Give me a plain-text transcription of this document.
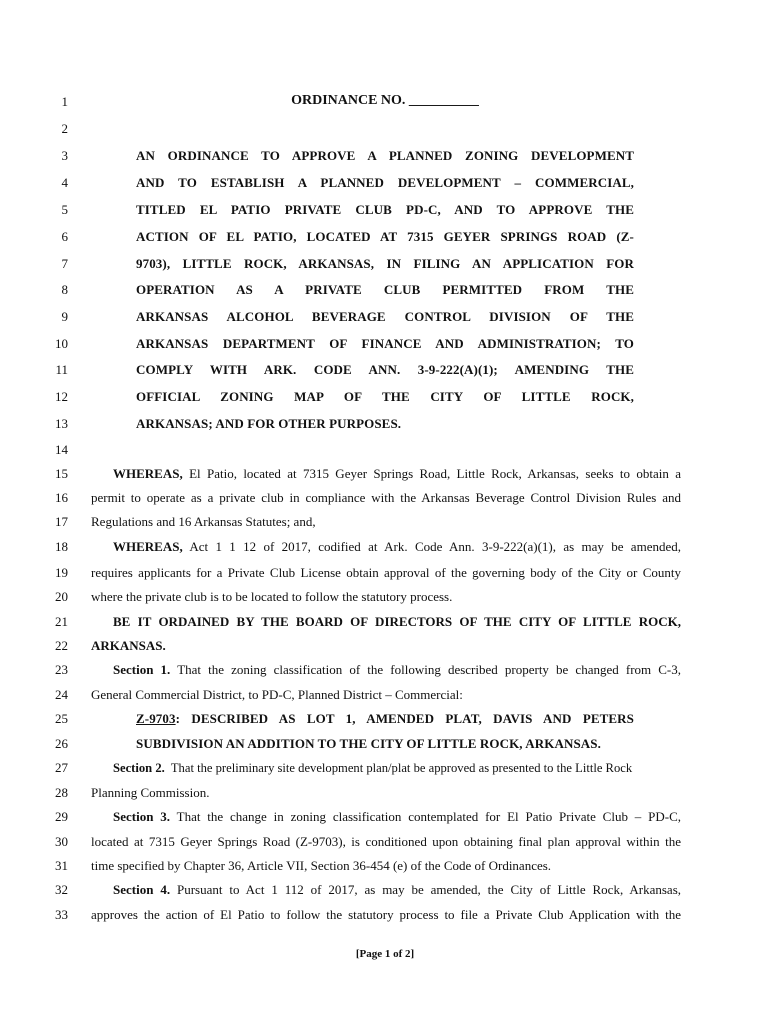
1
2
3
4
5
6
7
8
9
10
11
12
13
14
15
16
17
18
19
20
21
22
23
24
25
26
27
28
29
30
31
32
33
ORDINANCE NO. __________
AN ORDINANCE TO APPROVE A PLANNED ZONING DEVELOPMENT
AND TO ESTABLISH A PLANNED DEVELOPMENT – COMMERCIAL,
TITLED EL PATIO PRIVATE CLUB PD-C, AND TO APPROVE THE
ACTION OF EL PATIO, LOCATED AT 7315 GEYER SPRINGS ROAD (Z-
9703), LITTLE ROCK, ARKANSAS, IN FILING AN APPLICATION FOR
OPERATION AS A PRIVATE CLUB PERMITTED FROM THE
ARKANSAS ALCOHOL BEVERAGE CONTROL DIVISION OF THE
ARKANSAS DEPARTMENT OF FINANCE AND ADMINISTRATION; TO
COMPLY WITH ARK. CODE ANN. 3-9-222(A)(1); AMENDING THE
OFFICIAL ZONING MAP OF THE CITY OF LITTLE ROCK,
ARKANSAS; AND FOR OTHER PURPOSES.
WHEREAS, El Patio, located at 7315 Geyer Springs Road, Little Rock, Arkansas, seeks to obtain a
permit to operate as a private club in compliance with the Arkansas Beverage Control Division Rules and
Regulations and 16 Arkansas Statutes; and,
WHEREAS, Act 1 1 12 of 2017, codified at Ark. Code Ann. 3-9-222(a)(1), as may be amended,
requires applicants for a Private Club License obtain approval of the governing body of the City or County
where the private club is to be located to follow the statutory process.
BE IT ORDAINED BY THE BOARD OF DIRECTORS OF THE CITY OF LITTLE ROCK,
ARKANSAS.
Section 1. That the zoning classification of the following described property be changed from C-3,
General Commercial District, to PD-C, Planned District – Commercial:
Z-9703: DESCRIBED AS LOT 1, AMENDED PLAT, DAVIS AND PETERS
SUBDIVISION AN ADDITION TO THE CITY OF LITTLE ROCK, ARKANSAS.
Section 2. That the preliminary site development plan/plat be approved as presented to the Little Rock
Planning Commission.
Section 3. That the change in zoning classification contemplated for El Patio Private Club – PD-C,
located at 7315 Geyer Springs Road (Z-9703), is conditioned upon obtaining final plan approval within the
time specified by Chapter 36, Article VII, Section 36-454 (e) of the Code of Ordinances.
Section 4. Pursuant to Act 1 112 of 2017, as may be amended, the City of Little Rock, Arkansas,
approves the action of El Patio to follow the statutory process to file a Private Club Application with the
[Page 1 of 2]
